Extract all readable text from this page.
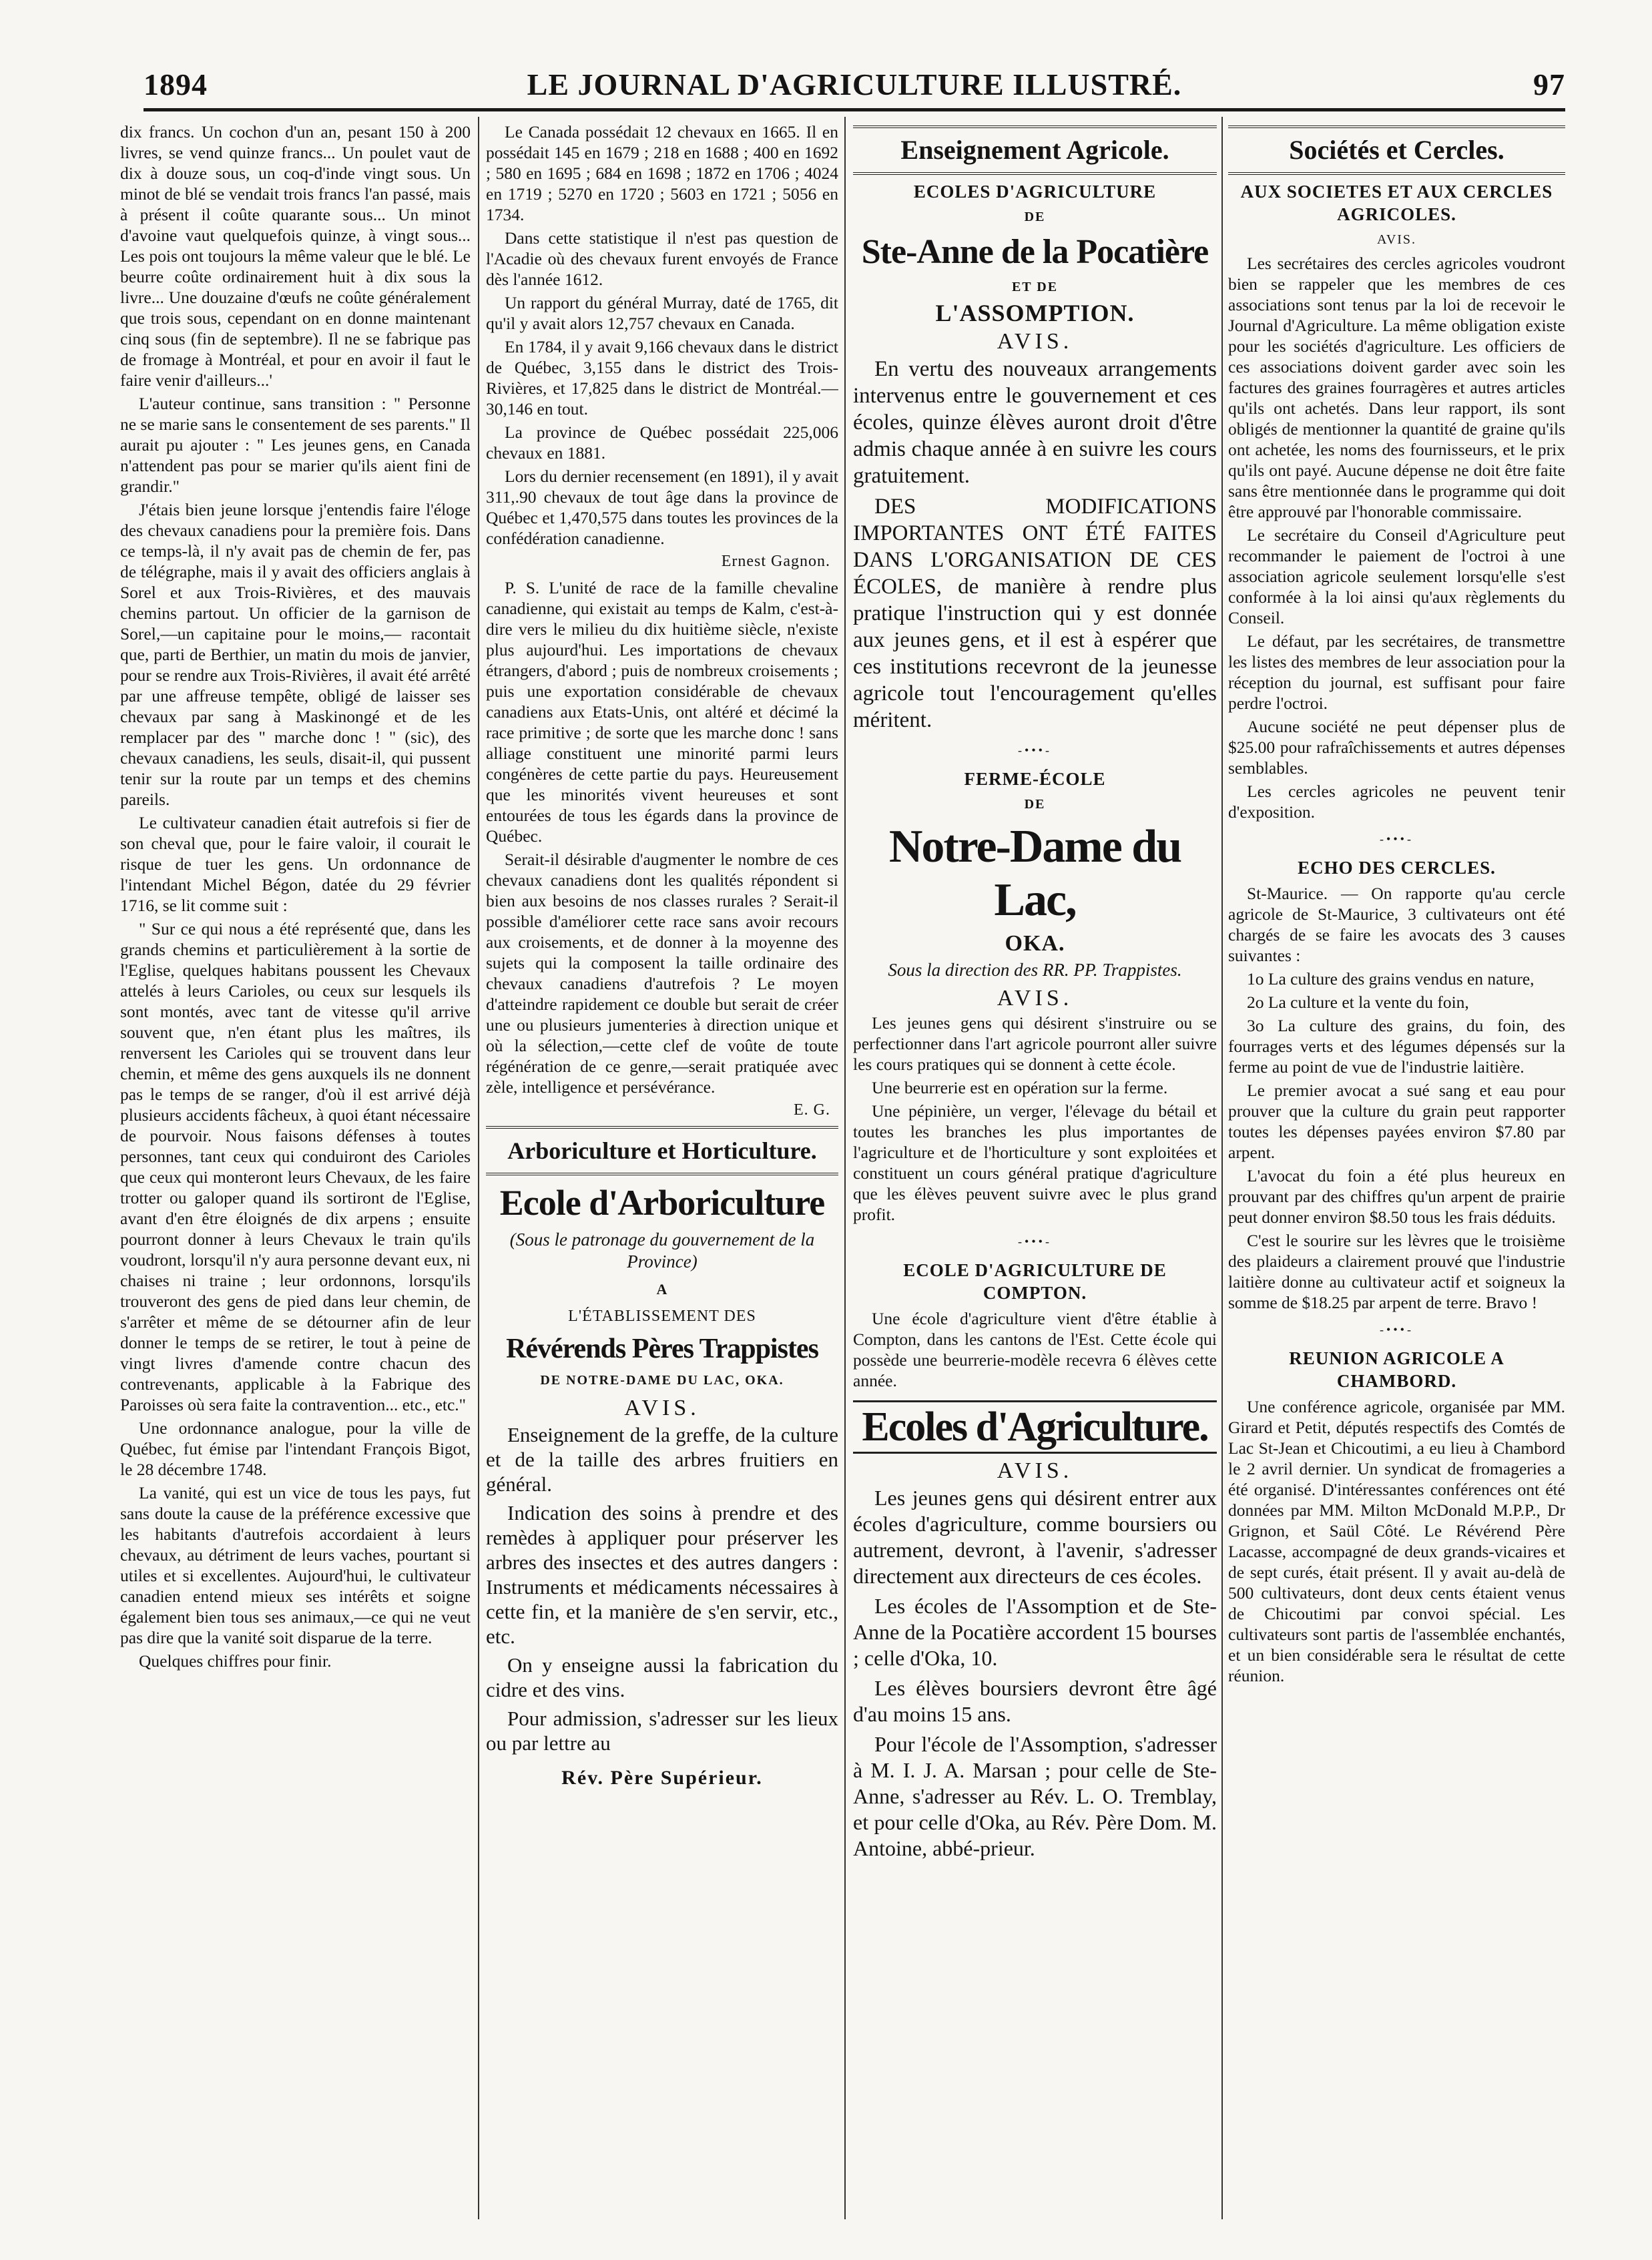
1894	LE JOURNAL D'AGRICULTURE ILLUSTRÉ.	97

dix francs. Un cochon d'un an, pesant 150 à 200 livres, se vend quinze francs... Un poulet vaut de dix à douze sous, un coq-d'inde vingt sous. Un minot de blé se vendait trois francs l'an passé, mais à présent il coûte quarante sous... Un minot d'avoine vaut quelquefois quinze, à vingt sous... Les pois ont toujours la même valeur que le blé. Le beurre coûte ordinairement huit à dix sous la livre... Une douzaine d'œufs ne coûte généralement que trois sous, cependant on en donne maintenant cinq sous (fin de septembre). Il ne se fabrique pas de fromage à Montréal, et pour en avoir il faut le faire venir d'ailleurs...'

L'auteur continue, sans transition : " Personne ne se marie sans le consentement de ses parents." Il aurait pu ajouter : " Les jeunes gens, en Canada n'attendent pas pour se marier qu'ils aient fini de grandir."

J'étais bien jeune lorsque j'entendis faire l'éloge des chevaux canadiens pour la première fois. Dans ce temps-là, il n'y avait pas de chemin de fer, pas de télégraphe, mais il y avait des officiers anglais à Sorel et aux Trois-Rivières, et des mauvais chemins partout. Un officier de la garnison de Sorel,—un capitaine pour le moins,— racontait que, parti de Berthier, un matin du mois de janvier, pour se rendre aux Trois-Rivières, il avait été arrêté par une affreuse tempête, obligé de laisser ses chevaux par sang à Maskinongé et de les remplacer par des " marche donc ! " (sic), des chevaux canadiens, les seuls, disait-il, qui pussent tenir sur la route par un temps et des chemins pareils.

Le cultivateur canadien était autrefois si fier de son cheval que, pour le faire valoir, il courait le risque de tuer les gens. Un ordonnance de l'intendant Michel Bégon, datée du 29 février 1716, se lit comme suit :

" Sur ce qui nous a été représenté que, dans les grands chemins et particulièrement à la sortie de l'Eglise, quelques habitans poussent les Chevaux attelés à leurs Carioles, ou ceux sur lesquels ils sont montés, avec tant de vitesse qu'il arrive souvent que, n'en étant plus les maîtres, ils renversent les Carioles qui se trouvent dans leur chemin, et même des gens auxquels ils ne donnent pas le temps de se ranger, d'où il est arrivé déjà plusieurs accidents fâcheux, à quoi étant nécessaire de pourvoir. Nous faisons défenses à toutes personnes, tant ceux qui conduiront des Carioles que ceux qui monteront leurs Chevaux, de les faire trotter ou galoper quand ils sortiront de l'Eglise, avant d'en être éloignés de dix arpens ; ensuite pourront donner à leurs Chevaux le train qu'ils voudront, lorsqu'il n'y aura personne devant eux, ni chaises ni traine ; leur ordonnons, lorsqu'ils trouveront des gens de pied dans leur chemin, de s'arrêter et même de se détourner afin de leur donner le temps de se retirer, le tout à peine de vingt livres d'amende contre chacun des contrevenants, applicable à la Fabrique des Paroisses où sera faite la contravention... etc., etc."

Une ordonnance analogue, pour la ville de Québec, fut émise par l'intendant François Bigot, le 28 décembre 1748.

La vanité, qui est un vice de tous les pays, fut sans doute la cause de la préférence excessive que les habitants d'autrefois accordaient à leurs chevaux, au détriment de leurs vaches, pourtant si utiles et si excellentes. Aujourd'hui, le cultivateur canadien entend mieux ses intérêts et soigne également bien tous ses animaux,—ce qui ne veut pas dire que la vanité soit disparue de la terre.

Quelques chiffres pour finir.

Le Canada possédait 12 chevaux en 1665. Il en possédait 145 en 1679 ; 218 en 1688 ; 400 en 1692 ; 580 en 1695 ; 684 en 1698 ; 1872 en 1706 ; 4024 en 1719 ; 5270 en 1720 ; 5603 en 1721 ; 5056 en 1734.

Dans cette statistique il n'est pas question de l'Acadie où des chevaux furent envoyés de France dès l'année 1612.

Un rapport du général Murray, daté de 1765, dit qu'il y avait alors 12,757 chevaux en Canada.

En 1784, il y avait 9,166 chevaux dans le district de Québec, 3,155 dans le district des Trois-Rivières, et 17,825 dans le district de Montréal.—30,146 en tout.

La province de Québec possédait 225,006 chevaux en 1881.

Lors du dernier recensement (en 1891), il y avait 311,.90 chevaux de tout âge dans la province de Québec et 1,470,575 dans toutes les provinces de la confédération canadienne.

Ernest Gagnon.

P. S. L'unité de race de la famille chevaline canadienne, qui existait au temps de Kalm, c'est-à-dire vers le milieu du dix huitième siècle, n'existe plus aujourd'hui. Les importations de chevaux étrangers, d'abord ; puis de nombreux croisements ; puis une exportation considérable de chevaux canadiens aux Etats-Unis, ont altéré et décimé la race primitive ; de sorte que les marche donc ! sans alliage constituent une minorité parmi leurs congénères de cette partie du pays. Heureusement que les minorités vivent heureuses et sont entourées de tous les égards dans la province de Québec.

Serait-il désirable d'augmenter le nombre de ces chevaux canadiens dont les qualités répondent si bien aux besoins de nos classes rurales ? Serait-il possible d'améliorer cette race sans avoir recours aux croisements, et de donner à la moyenne des sujets qui la composent la taille ordinaire des chevaux canadiens d'autrefois ? Le moyen d'atteindre rapidement ce double but serait de créer une ou plusieurs jumenteries à direction unique et où la sélection,—cette clef de voûte de toute régénération de ce genre,—serait pratiquée avec zèle, intelligence et persévérance.

E. G.
Arboriculture et Horticulture.
Ecole d'Arboriculture
(Sous le patronage du gouvernement de la Province)
A
L'ÉTABLISSEMENT DES
Révérends Pères Trappistes
DE NOTRE-DAME DU LAC, OKA.
AVIS.

Enseignement de la greffe, de la culture et de la taille des arbres fruitiers en général.

Indication des soins à prendre et des remèdes à appliquer pour préserver les arbres des insectes et des autres dangers : Instruments et médicaments nécessaires à cette fin, et la manière de s'en servir, etc., etc.

On y enseigne aussi la fabrication du cidre et des vins.

Pour admission, s'adresser sur les lieux ou par lettre au

Rév. Père Supérieur.
Enseignement Agricole.
ECOLES D'AGRICULTURE
DE
Ste-Anne de la Pocatière
ET DE
L'ASSOMPTION.
AVIS.

En vertu des nouveaux arrangements intervenus entre le gouvernement et ces écoles, quinze élèves auront droit d'être admis chaque année à en suivre les cours gratuitement.

DES MODIFICATIONS IMPORTANTES ONT ÉTÉ FAITES DANS L'ORGANISATION DE CES ÉCOLES, de manière à rendre plus pratique l'instruction qui y est donnée aux jeunes gens, et il est à espérer que ces institutions recevront de la jeunesse agricole tout l'encouragement qu'elles méritent.

-•••-
FERME-ÉCOLE
DE
Notre-Dame du Lac,
OKA.
Sous la direction des RR. PP. Trappistes.
AVIS.

Les jeunes gens qui désirent s'instruire ou se perfectionner dans l'art agricole pourront aller suivre les cours pratiques qui se donnent à cette école.

Une beurrerie est en opération sur la ferme.

Une pépinière, un verger, l'élevage du bétail et toutes les branches les plus importantes de l'agriculture et de l'horticulture y sont exploitées et constituent un cours général pratique d'agriculture que les élèves peuvent suivre avec le plus grand profit.

-•••-
ECOLE D'AGRICULTURE DE COMPTON.

Une école d'agriculture vient d'être établie à Compton, dans les cantons de l'Est. Cette école qui possède une beurrerie-modèle recevra 6 élèves cette année.

Ecoles d'Agriculture.
AVIS.

Les jeunes gens qui désirent entrer aux écoles d'agriculture, comme boursiers ou autrement, devront, à l'avenir, s'adresser directement aux directeurs de ces écoles.

Les écoles de l'Assomption et de Ste-Anne de la Pocatière accordent 15 bourses ; celle d'Oka, 10.

Les élèves boursiers devront être âgé d'au moins 15 ans.

Pour l'école de l'Assomption, s'adresser à M. I. J. A. Marsan ; pour celle de Ste-Anne, s'adresser au Rév. L. O. Tremblay, et pour celle d'Oka, au Rév. Père Dom. M. Antoine, abbé-prieur.

Sociétés et Cercles.
AUX SOCIETES ET AUX CERCLES AGRICOLES.
AVIS.

Les secrétaires des cercles agricoles voudront bien se rappeler que les membres de ces associations sont tenus par la loi de recevoir le Journal d'Agriculture. La même obligation existe pour les sociétés d'agriculture. Les officiers de ces associations doivent garder avec soin les factures des graines fourragères et autres articles qu'ils ont achetés. Dans leur rapport, ils sont obligés de mentionner la quantité de graine qu'ils ont achetée, les noms des fournisseurs, et le prix qu'ils ont payé. Aucune dépense ne doit être faite sans être mentionnée dans le programme qui doit être approuvé par l'honorable commissaire.

Le secrétaire du Conseil d'Agriculture peut recommander le paiement de l'octroi à une association agricole seulement lorsqu'elle s'est conformée à la loi ainsi qu'aux règlements du Conseil.

Le défaut, par les secrétaires, de transmettre les listes des membres de leur association pour la réception du journal, est suffisant pour faire perdre l'octroi.

Aucune société ne peut dépenser plus de $25.00 pour rafraîchissements et autres dépenses semblables.

Les cercles agricoles ne peuvent tenir d'exposition.

-•••-
ECHO DES CERCLES.

St-Maurice. — On rapporte qu'au cercle agricole de St-Maurice, 3 cultivateurs ont été chargés de se faire les avocats des 3 causes suivantes :

1o La culture des grains vendus en nature,

2o La culture et la vente du foin,

3o La culture des grains, du foin, des fourrages verts et des légumes dépensés sur la ferme au point de vue de l'industrie laitière.

Le premier avocat a sué sang et eau pour prouver que la culture du grain peut rapporter toutes les dépenses payées environ $7.80 par arpent.

L'avocat du foin a été plus heureux en prouvant par des chiffres qu'un arpent de prairie peut donner environ $8.50 tous les frais déduits.

C'est le sourire sur les lèvres que le troisième des plaideurs a clairement prouvé que l'industrie laitière donne au cultivateur actif et soigneux la somme de $18.25 par arpent de terre. Bravo !

-•••-
REUNION AGRICOLE A CHAMBORD.

Une conférence agricole, organisée par MM. Girard et Petit, députés respectifs des Comtés de Lac St-Jean et Chicoutimi, a eu lieu à Chambord le 2 avril dernier. Un syndicat de fromageries a été organisé. D'intéressantes conférences ont été données par MM. Milton McDonald M.P.P., Dr Grignon, et Saül Côté. Le Révérend Père Lacasse, accompagné de deux grands-vicaires et de sept curés, était présent. Il y avait au-delà de 500 cultivateurs, dont deux cents étaient venus de Chicoutimi par convoi spécial. Les cultivateurs sont partis de l'assemblée enchantés, et un bien considérable sera le résultat de cette réunion.
